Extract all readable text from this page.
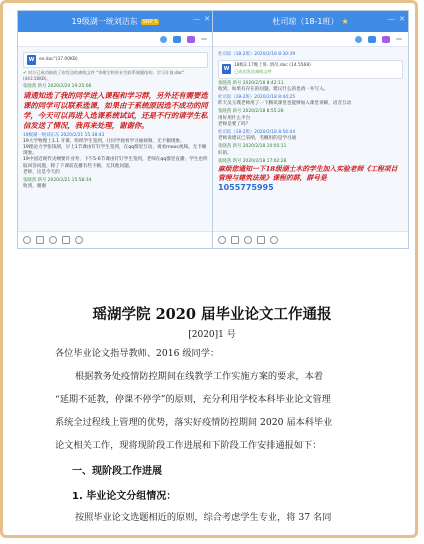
19级湖一统刘洁东	SNP 5	— ✕
W	ee.doc"(37.00KB)
✔ 对方已成功接收了你发送的离线文件 "审理学和毕业生联系课题结构、学习计划.doc"(443.50KB)。
张晓茜 新号 2020/2/20 19:25:06
请通知选了我的同学进入课程和学习群，另外还有需要选课的同学可以联系选课，如果由于系统原因选不成功的同学，今天可以再进入选课系统试试，还是不行的请学生私信发送了情况，我再来处理，谢谢你。
19级湖一统刘东东 2020/2/21 15:38:43
19大学物理上1.1 开课，组织学生签到，让同学观看学习通视频，无卡顿现象。
19理论力学张钱朗，早上1节课由钉钉学生签到，在qq群里互动，观看mooc视频。无卡顿现象。
19中国近现代史纲要许业寿，下午5-6节课由钉钉学生签到，老师在qq群里直播，学生也听取回答问题，除了下课前直播有些卡顿，无其他问题。
老师，这是今天的
张晓茜 新号 2020/2/21 15:58:34
收到，谢谢
杜司琼（18-1班） ★	— ✕
杜司琼（18-2班）2020/2/18 8:30:39
W
18级2.17晚上班..情况.doc (14.5568)
已成功发送离线文件
张晓茜 新号 2020/2/18 8:42:11
收到，如果有存在的问题，建议什么的也请一并写入。
杜司琼（18-2班）2020/2/18 8:44:25
昨天吴玉璞老师用了一下腾讯课堂也能够加入课堂讲解，语音互动
张晓茜 新号 2020/2/18 8:55:28
用好用什么平台
老师是要了吗？
杜司琼（18-2班）2020/2/18 8:56:44
老师说建议已采纳，毛概用的是学习通
张晓茜 新号 2020/2/18 10:05:11
好的。
张晓茜 新号 2020/2/18 17:02:28
麻烦您通知一下18级湖土木的学生加入实验老师《工程项目管理与建筑法规》课程的群，群号是
1055775995
瑶湖学院 2020 届毕业论文工作通报
[2020]1 号
各位毕业论文指导教师、2016 级同学：
根据教务处疫情防控期间在线教学工作实施方案的要求，本着
“延期不延教，停课不停学”的原则，充分利用学校本科毕业论文管理
系统全过程线上管理的优势，落实好疫情防控期间 2020 届本科毕业
论文相关工作，现将现阶段工作进展和下阶段工作安排通报如下：
一、现阶段工作进展
1. 毕业论文分组情况：
按照毕业论文选题相近的原则，综合考虑学生专业，将 37 名同
